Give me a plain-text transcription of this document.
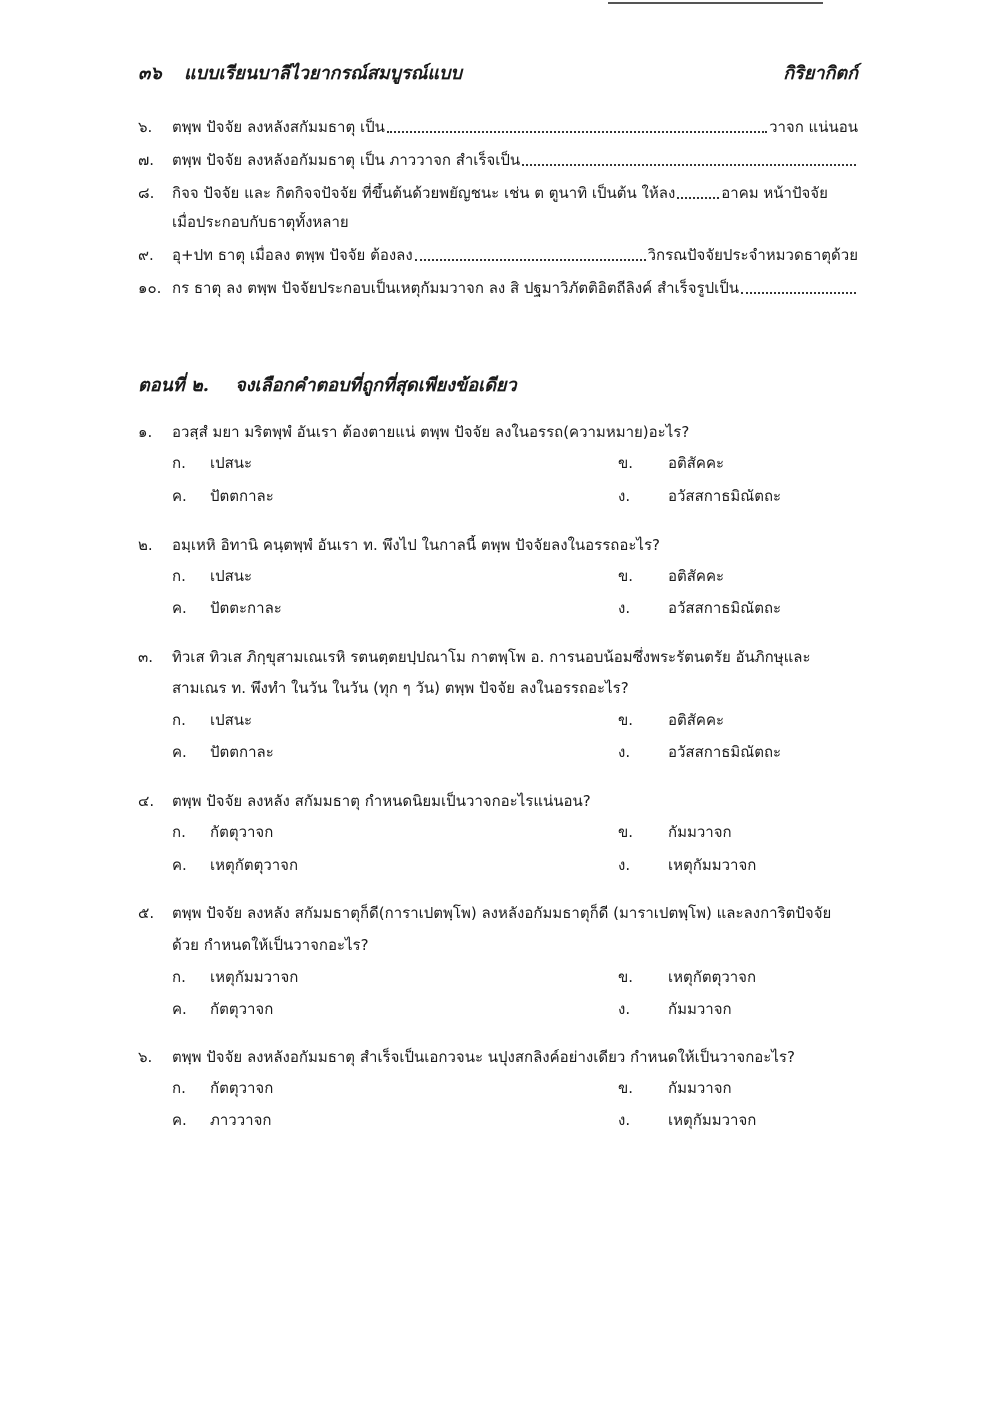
๓๖ แบบเรียนบาลีไวยากรณ์สมบูรณ์แบบ	กิริยากิตก์
๖.	ตพฺพ ปัจจัย ลงหลังสกัมมธาตุ เป็น	วาจก แน่นอน
๗.	ตพฺพ ปัจจัย ลงหลังอกัมมธาตุ เป็น ภาววาจก สำเร็จเป็น
๘.	กิจจ ปัจจัย และ กิตกิจจปัจจัย ที่ขึ้นต้นด้วยพยัญชนะ เช่น ต ตูนาทิ เป็นต้น ให้ลง	อาคม หน้าปัจจัย
เมื่อประกอบกับธาตุทั้งหลาย
๙.	อุ+ปท ธาตุ เมื่อลง ตพฺพ ปัจจัย ต้องลง	วิกรณปัจจัยประจำหมวดธาตุด้วย
๑๐. กร ธาตุ ลง ตพฺพ ปัจจัยประกอบเป็นเหตุกัมมวาจก ลง สิ ปฐมาวิภัตติอิตถีลิงค์ สำเร็จรูปเป็น
ตอนที่ ๒. จงเลือกคำตอบที่ถูกที่สุดเพียงข้อเดียว
๑. อวสฺสํ มยา มริตพฺพํ อันเรา ต้องตายแน่ ตพฺพ ปัจจัย ลงในอรรถ(ความหมาย)อะไร?
ก. เปสนะ	ข. อติสัคคะ
ค. ปัตตกาละ	ง.	อวัสสกาธมิณัตถะ
๒. อมฺเหหิ อิทานิ คนฺตพฺพํ อันเรา ท. พึงไป ในกาลนี้ ตพฺพ ปัจจัยลงในอรรถอะไร?
ก. เปสนะ	ข. อติสัคคะ
ค. ปัตตะกาละ	ง.	อวัสสกาธมิณัตถะ
๓. ทิวเส ทิวเส ภิกฺขุสามเณเรหิ รตนตฺตยปฺปณาโม กาตพฺโพ อ. การนอบน้อมซึ่งพระรัตนตรัย อันภิกษุและ
สามเณร ท. พึงทำ ในวัน ในวัน (ทุก ๆ วัน) ตพฺพ ปัจจัย ลงในอรรถอะไร?
ก. เปสนะ	ข. อติสัคคะ
ค. ปัตตกาละ	ง.	อวัสสกาธมิณัตถะ
๔. ตพฺพ ปัจจัย ลงหลัง สกัมมธาตุ กำหนดนิยมเป็นวาจกอะไรแน่นอน?
ก. กัตตุวาจก	ข. กัมมวาจก
ค. เหตุกัตตุวาจก	ง.	เหตุกัมมวาจก
๕. ตพฺพ ปัจจัย ลงหลัง สกัมมธาตุก็ดี(การาเปตพฺโพ) ลงหลังอกัมมธาตุก็ดี (มาราเปตพฺโพ) และลงการิตปัจจัย
ด้วย กำหนดให้เป็นวาจกอะไร?
ก. เหตุกัมมวาจก	ข. เหตุกัตตุวาจก
ค. กัตตุวาจก	ง.	กัมมวาจก
๖. ตพฺพ ปัจจัย ลงหลังอกัมมธาตุ สำเร็จเป็นเอกวจนะ นปุงสกลิงค์อย่างเดียว กำหนดให้เป็นวาจกอะไร?
ก. กัตตุวาจก	ข. กัมมวาจก
ค. ภาววาจก	ง.	เหตุกัมมวาจก
